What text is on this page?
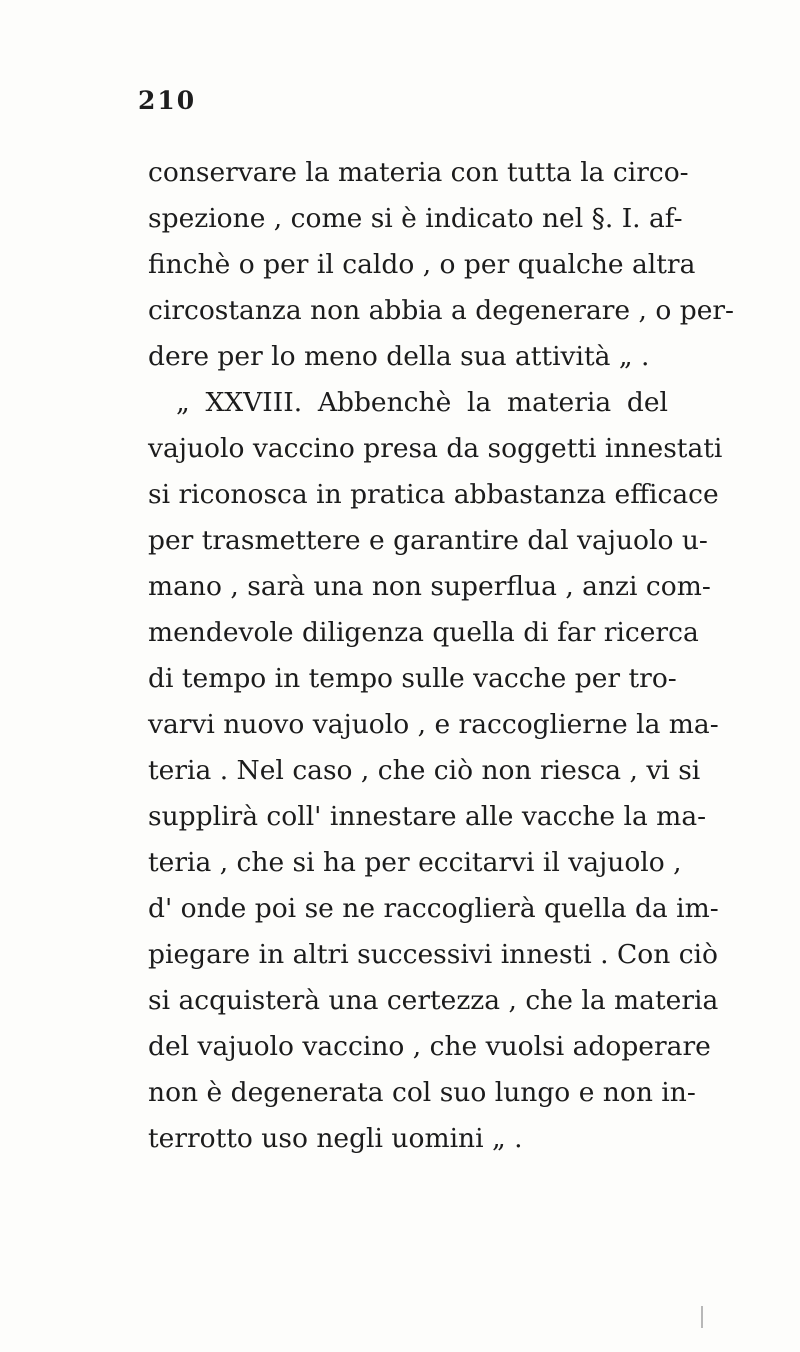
210
conservare la materia con tutta la circo-
spezione , come si è indicato nel §. I. af-
finchè o per il caldo , o per qualche altra
circostanza non abbia a degenerare , o per-
dere per lo meno della sua attività „ .
„ XXVIII. Abbenchè la materia del
vajuolo vaccino presa da soggetti innestati
si riconosca in pratica abbastanza efficace
per trasmettere e garantire dal vajuolo u-
mano , sarà una non superflua , anzi com-
mendevole diligenza quella di far ricerca
di tempo in tempo sulle vacche per tro-
varvi nuovo vajuolo , e raccoglierne la ma-
teria . Nel caso , che ciò non riesca , vi si
supplirà coll' innestare alle vacche la ma-
teria , che si ha per eccitarvi il vajuolo ,
d' onde poi se ne raccoglierà quella da im-
piegare in altri successivi innesti . Con ciò
si acquisterà una certezza , che la materia
del vajuolo vaccino , che vuolsi adoperare
non è degenerata col suo lungo e non in-
terrotto uso negli uomini „ .
